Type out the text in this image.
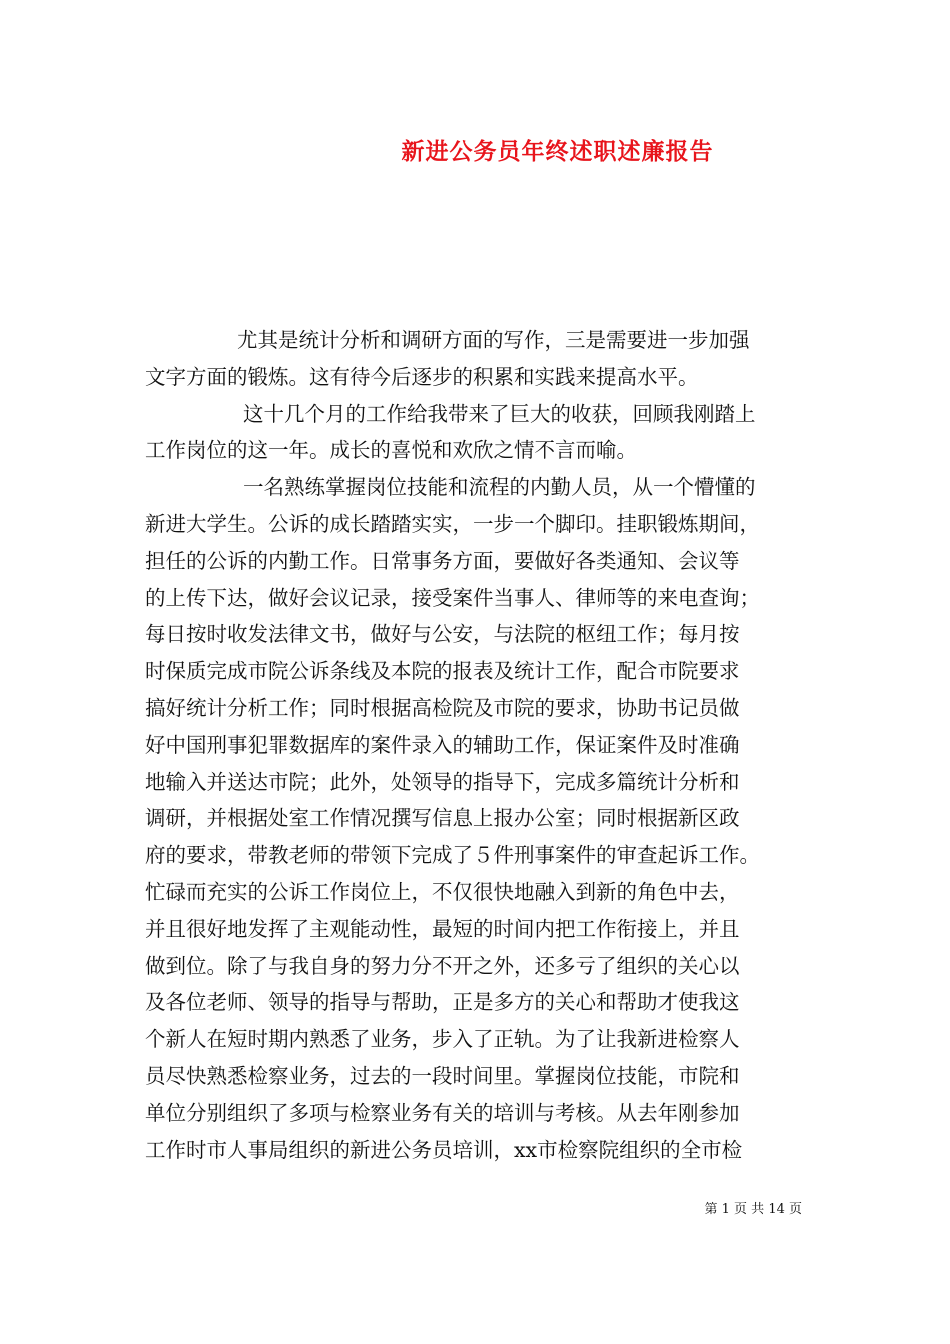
新进公务员年终述职述廉报告
尤其是统计分析和调研方面的写作，三是需要进一步加强
文字方面的锻炼。这有待今后逐步的积累和实践来提高水平。
这十几个月的工作给我带来了巨大的收获，回顾我刚踏上
工作岗位的这一年。成长的喜悦和欢欣之情不言而喻。
一名熟练掌握岗位技能和流程的内勤人员，从一个懵懂的
新进大学生。公诉的成长踏踏实实，一步一个脚印。挂职锻炼期间，
担任的公诉的内勤工作。日常事务方面，要做好各类通知、会议等
的上传下达，做好会议记录，接受案件当事人、律师等的来电查询；
每日按时收发法律文书，做好与公安，与法院的枢纽工作；每月按
时保质完成市院公诉条线及本院的报表及统计工作，配合市院要求
搞好统计分析工作；同时根据高检院及市院的要求，协助书记员做
好中国刑事犯罪数据库的案件录入的辅助工作，保证案件及时准确
地输入并送达市院；此外，处领导的指导下，完成多篇统计分析和
调研，并根据处室工作情况撰写信息上报办公室；同时根据新区政
府的要求，带教老师的带领下完成了５件刑事案件的审查起诉工作。
忙碌而充实的公诉工作岗位上，不仅很快地融入到新的角色中去，
并且很好地发挥了主观能动性，最短的时间内把工作衔接上，并且
做到位。除了与我自身的努力分不开之外，还多亏了组织的关心以
及各位老师、领导的指导与帮助，正是多方的关心和帮助才使我这
个新人在短时期内熟悉了业务，步入了正轨。为了让我新进检察人
员尽快熟悉检察业务，过去的一段时间里。掌握岗位技能，市院和
单位分别组织了多项与检察业务有关的培训与考核。从去年刚参加
工作时市人事局组织的新进公务员培训，xx市检察院组织的全市检
第 1 页 共 14 页
